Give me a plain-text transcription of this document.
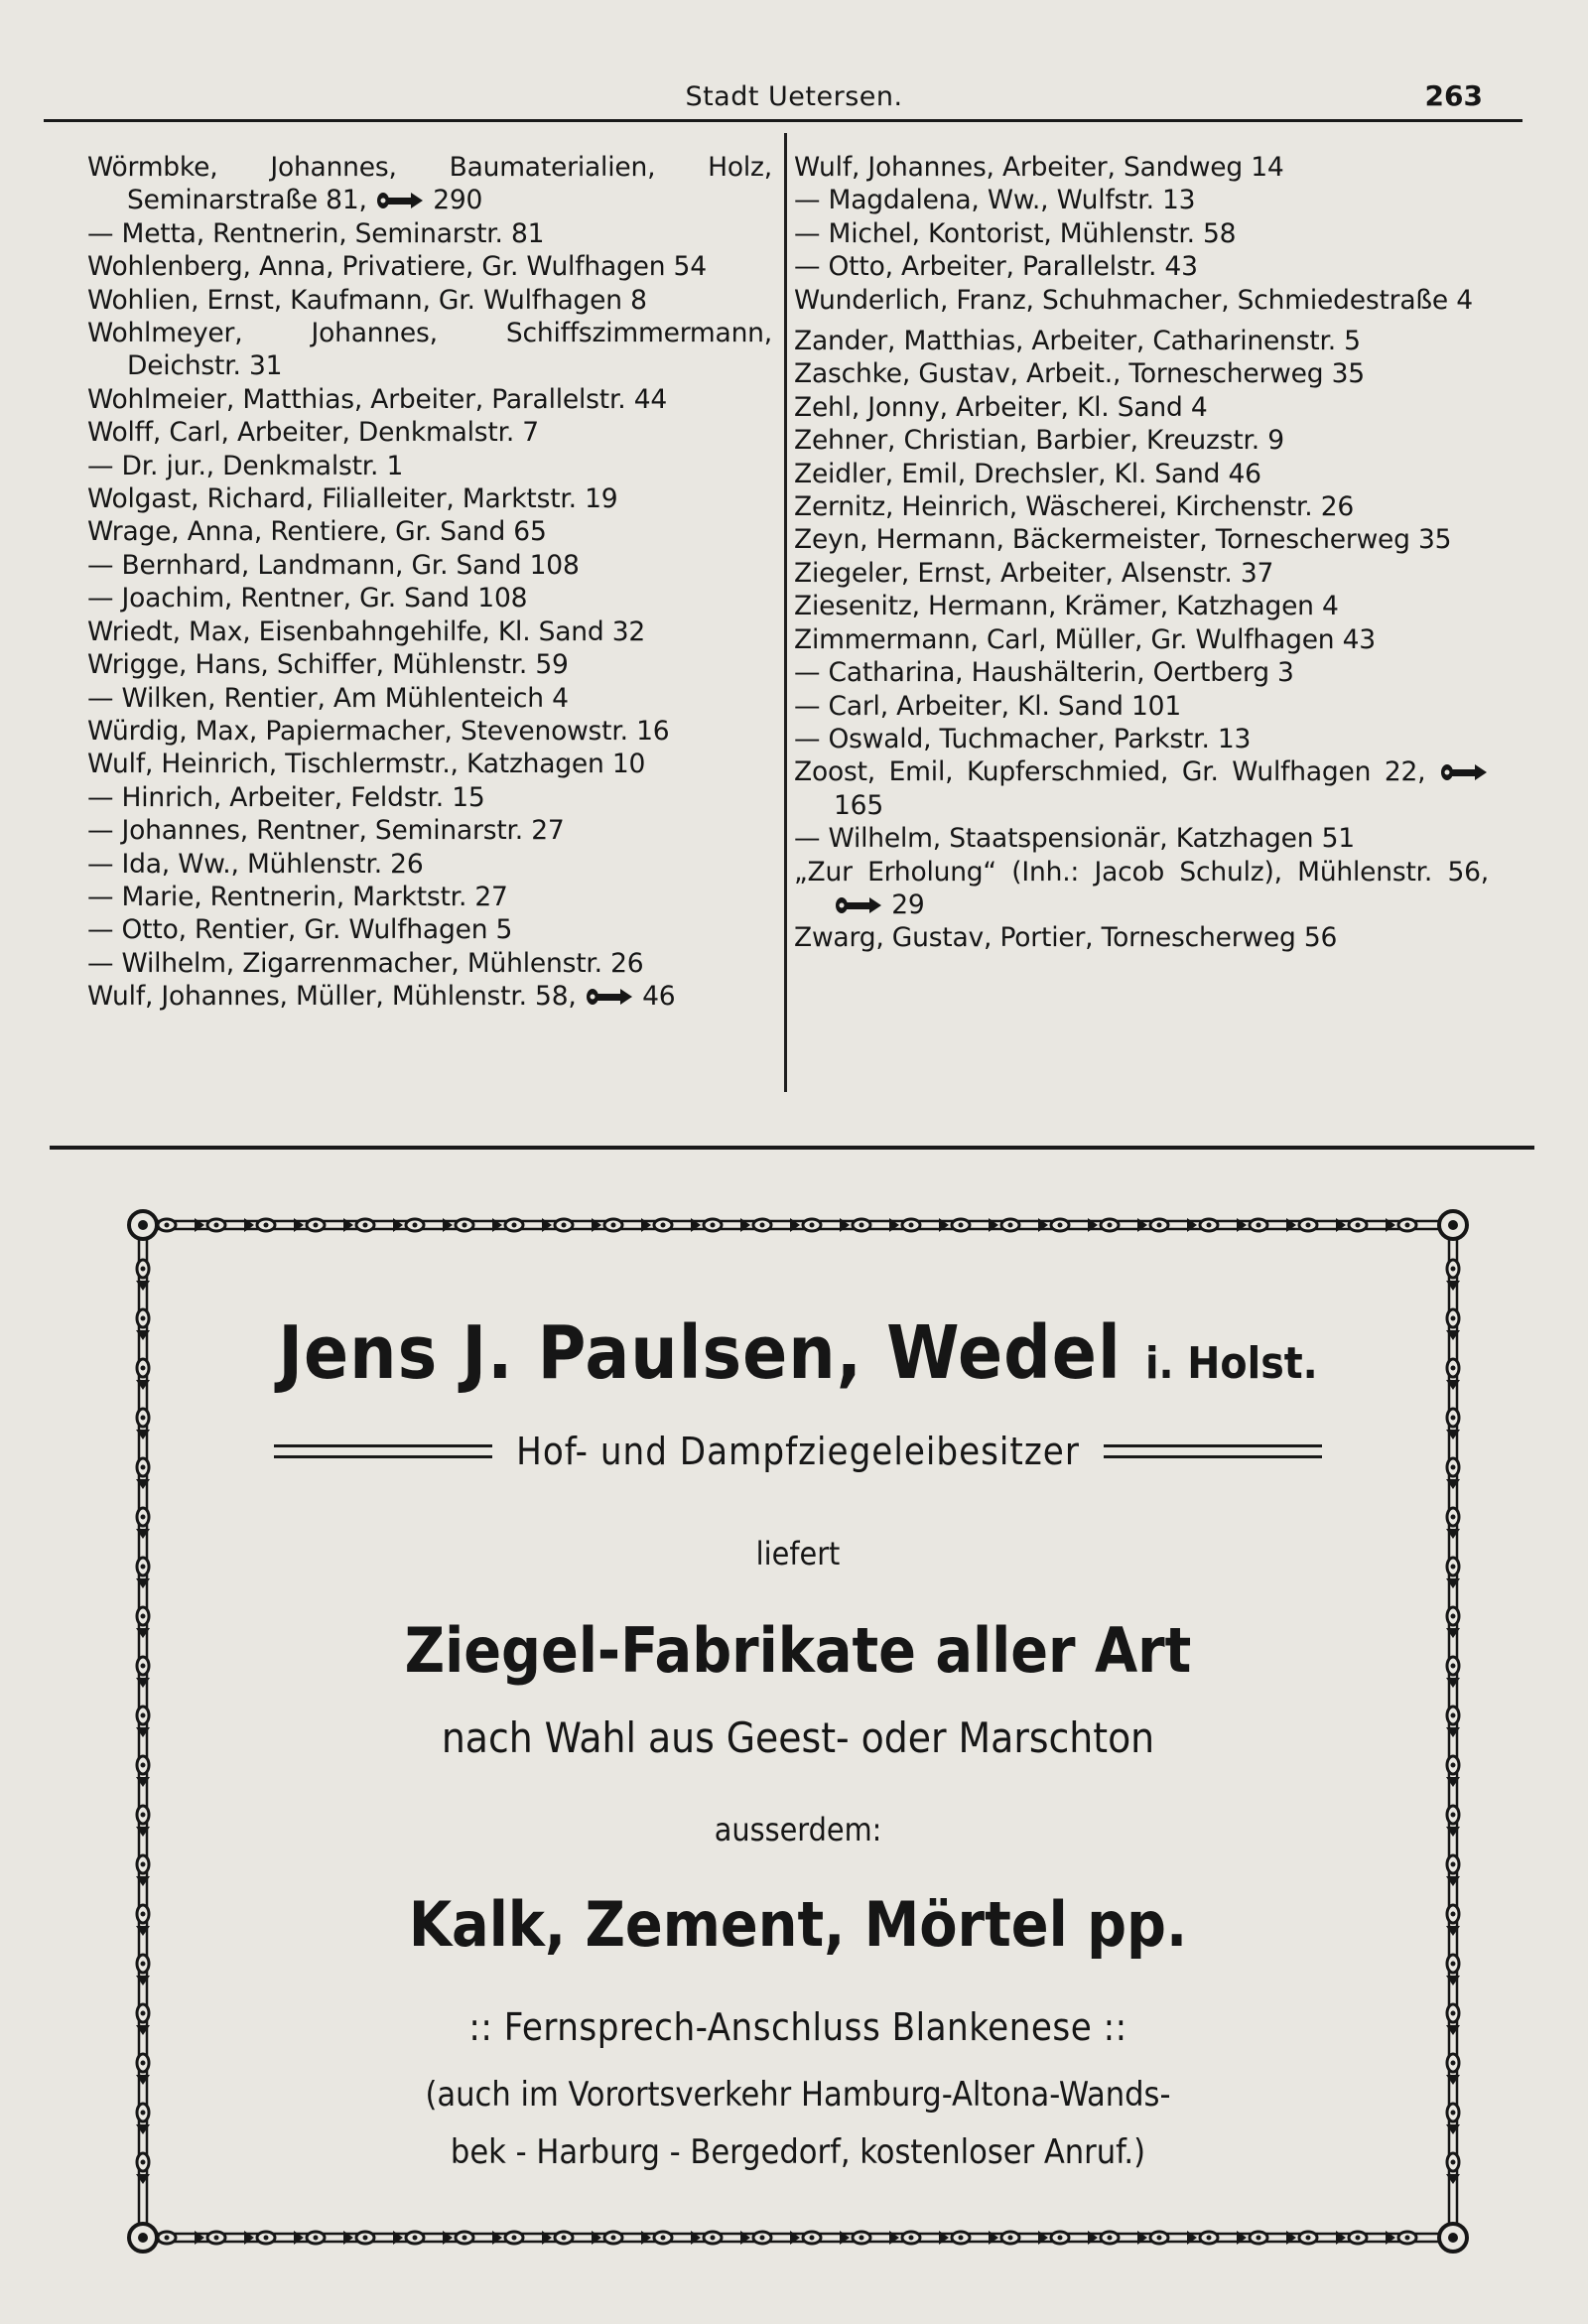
Stadt Uetersen.	263
Wörmbke, Johannes, Baumaterialien, Holz, Seminarstraße 81,	290
— Metta, Rentnerin, Seminarstr. 81
Wohlenberg, Anna, Privatiere, Gr. Wulfhagen 54
Wohlien, Ernst, Kaufmann, Gr. Wulfhagen 8
Wohlmeyer, Johannes, Schiffszimmermann, Deichstr. 31
Wohlmeier, Matthias, Arbeiter, Parallelstr. 44
Wolff, Carl, Arbeiter, Denkmalstr. 7
— Dr. jur., Denkmalstr. 1
Wolgast, Richard, Filialleiter, Marktstr. 19
Wrage, Anna, Rentiere, Gr. Sand 65
— Bernhard, Landmann, Gr. Sand 108
— Joachim, Rentner, Gr. Sand 108
Wriedt, Max, Eisenbahngehilfe, Kl. Sand 32
Wrigge, Hans, Schiffer, Mühlenstr. 59
— Wilken, Rentier, Am Mühlenteich 4
Würdig, Max, Papiermacher, Stevenowstr. 16
Wulf, Heinrich, Tischlermstr., Katzhagen 10
— Hinrich, Arbeiter, Feldstr. 15
— Johannes, Rentner, Seminarstr. 27
— Ida, Ww., Mühlenstr. 26
— Marie, Rentnerin, Marktstr. 27
— Otto, Rentier, Gr. Wulfhagen 5
— Wilhelm, Zigarrenmacher, Mühlenstr. 26
Wulf, Johannes, Müller, Mühlenstr. 58,	46
Wulf, Johannes, Arbeiter, Sandweg 14
— Magdalena, Ww., Wulfstr. 13
— Michel, Kontorist, Mühlenstr. 58
— Otto, Arbeiter, Parallelstr. 43
Wunderlich, Franz, Schuhmacher, Schmiedestraße 4
Zander, Matthias, Arbeiter, Catharinenstr. 5
Zaschke, Gustav, Arbeit., Tornescherweg 35
Zehl, Jonny, Arbeiter, Kl. Sand 4
Zehner, Christian, Barbier, Kreuzstr. 9
Zeidler, Emil, Drechsler, Kl. Sand 46
Zernitz, Heinrich, Wäscherei, Kirchenstr. 26
Zeyn, Hermann, Bäckermeister, Tornescherweg 35
Ziegeler, Ernst, Arbeiter, Alsenstr. 37
Ziesenitz, Hermann, Krämer, Katzhagen 4
Zimmermann, Carl, Müller, Gr. Wulfhagen 43
— Catharina, Haushälterin, Oertberg 3
— Carl, Arbeiter, Kl. Sand 101
— Oswald, Tuchmacher, Parkstr. 13
Zoost, Emil, Kupferschmied, Gr. Wulfhagen 22,  165
— Wilhelm, Staatspensionär, Katzhagen 51
„Zur Erholung“ (Inh.: Jacob Schulz), Mühlenstr. 56,  29
Zwarg, Gustav, Portier, Tornescherweg 56
Jens J. Paulsen, Wedel i. Holst.
Hof- und Dampfziegeleibesitzer
liefert
Ziegel-Fabrikate aller Art
nach Wahl aus Geest- oder Marschton
ausserdem:
Kalk, Zement, Mörtel pp.
:: Fernsprech-Anschluss Blankenese ::
(auch im Vorortsverkehr Hamburg-Altona-Wands-
bek - Harburg - Bergedorf, kostenloser Anruf.)
